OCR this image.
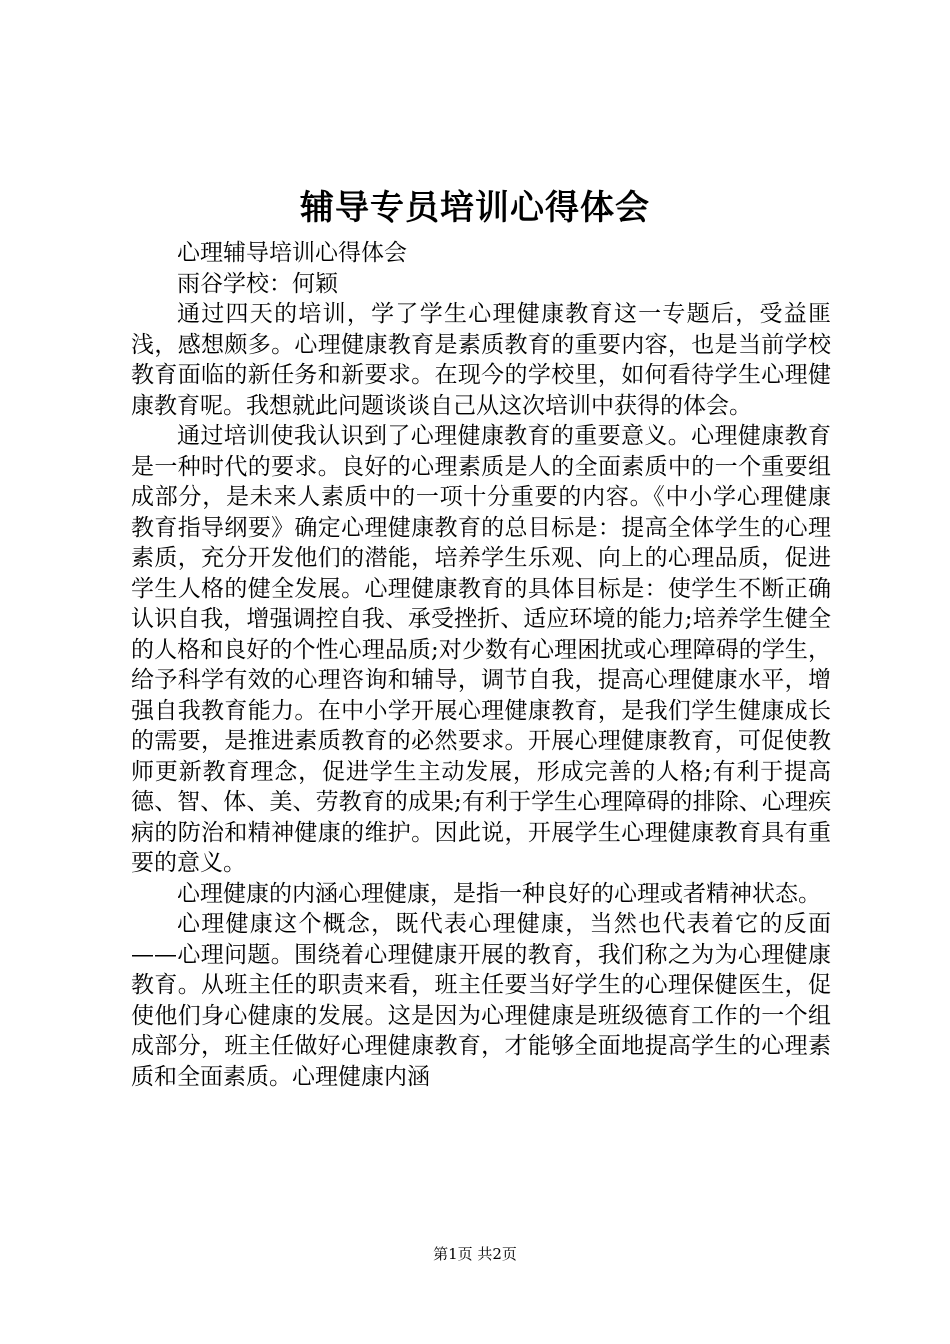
辅导专员培训心得体会

心理辅导培训心得体会

雨谷学校：何颖

通过四天的培训，学了学生心理健康教育这一专题后，受益匪浅，感想颇多。心理健康教育是素质教育的重要内容，也是当前学校教育面临的新任务和新要求。在现今的学校里，如何看待学生心理健康教育呢。我想就此问题谈谈自己从这次培训中获得的体会。

通过培训使我认识到了心理健康教育的重要意义。心理健康教育是一种时代的要求。良好的心理素质是人的全面素质中的一个重要组成部分，是未来人素质中的一项十分重要的内容。《中小学心理健康教育指导纲要》确定心理健康教育的总目标是：提高全体学生的心理素质，充分开发他们的潜能，培养学生乐观、向上的心理品质，促进学生人格的健全发展。心理健康教育的具体目标是：使学生不断正确认识自我，增强调控自我、承受挫折、适应环境的能力;培养学生健全的人格和良好的个性心理品质;对少数有心理困扰或心理障碍的学生，给予科学有效的心理咨询和辅导，调节自我，提高心理健康水平，增强自我教育能力。在中小学开展心理健康教育，是我们学生健康成长的需要，是推进素质教育的必然要求。开展心理健康教育，可促使教师更新教育理念，促进学生主动发展，形成完善的人格;有利于提高德、智、体、美、劳教育的成果;有利于学生心理障碍的排除、心理疾病的防治和精神健康的维护。因此说，开展学生心理健康教育具有重要的意义。

心理健康的内涵心理健康，是指一种良好的心理或者精神状态。

心理健康这个概念，既代表心理健康，当然也代表着它的反面——心理问题。围绕着心理健康开展的教育，我们称之为为心理健康教育。从班主任的职责来看，班主任要当好学生的心理保健医生，促使他们身心健康的发展。这是因为心理健康是班级德育工作的一个组成部分，班主任做好心理健康教育，才能够全面地提高学生的心理素质和全面素质。心理健康内涵

第1页 共2页
